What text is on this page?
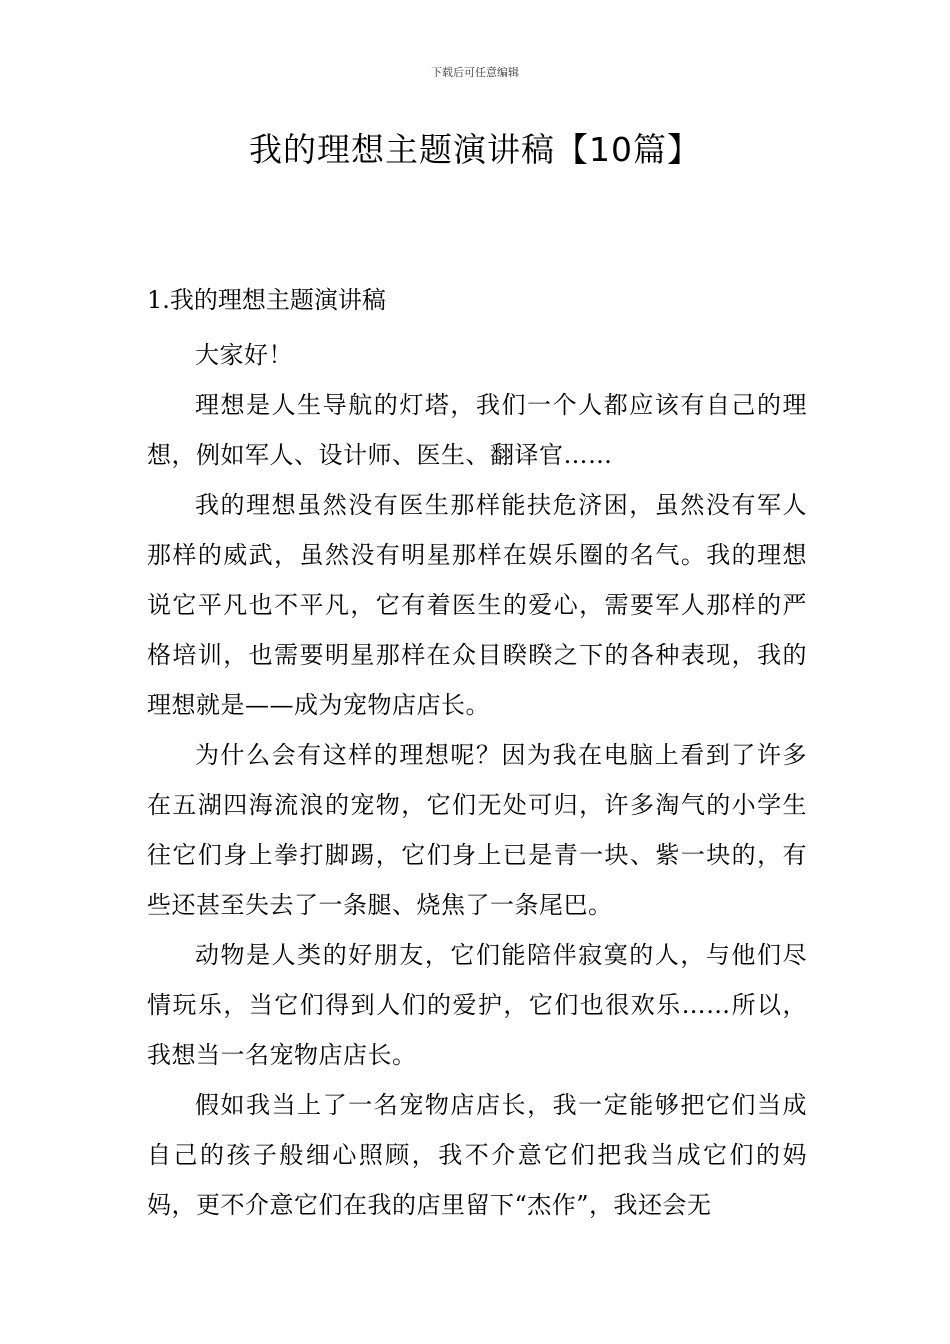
下载后可任意编辑
我的理想主题演讲稿【10篇】
1.我的理想主题演讲稿

大家好！

理想是人生导航的灯塔，我们一个人都应该有自己的理想，例如军人、设计师、医生、翻译官……

我的理想虽然没有医生那样能扶危济困，虽然没有军人那样的威武，虽然没有明星那样在娱乐圈的名气。我的理想说它平凡也不平凡，它有着医生的爱心，需要军人那样的严格培训，也需要明星那样在众目睽睽之下的各种表现，我的理想就是——成为宠物店店长。

为什么会有这样的理想呢？因为我在电脑上看到了许多在五湖四海流浪的宠物，它们无处可归，许多淘气的小学生往它们身上拳打脚踢，它们身上已是青一块、紫一块的，有些还甚至失去了一条腿、烧焦了一条尾巴。

动物是人类的好朋友，它们能陪伴寂寞的人，与他们尽情玩乐，当它们得到人们的爱护，它们也很欢乐……所以，我想当一名宠物店店长。

假如我当上了一名宠物店店长，我一定能够把它们当成自己的孩子般细心照顾，我不介意它们把我当成它们的妈妈，更不介意它们在我的店里留下“杰作”，我还会无
